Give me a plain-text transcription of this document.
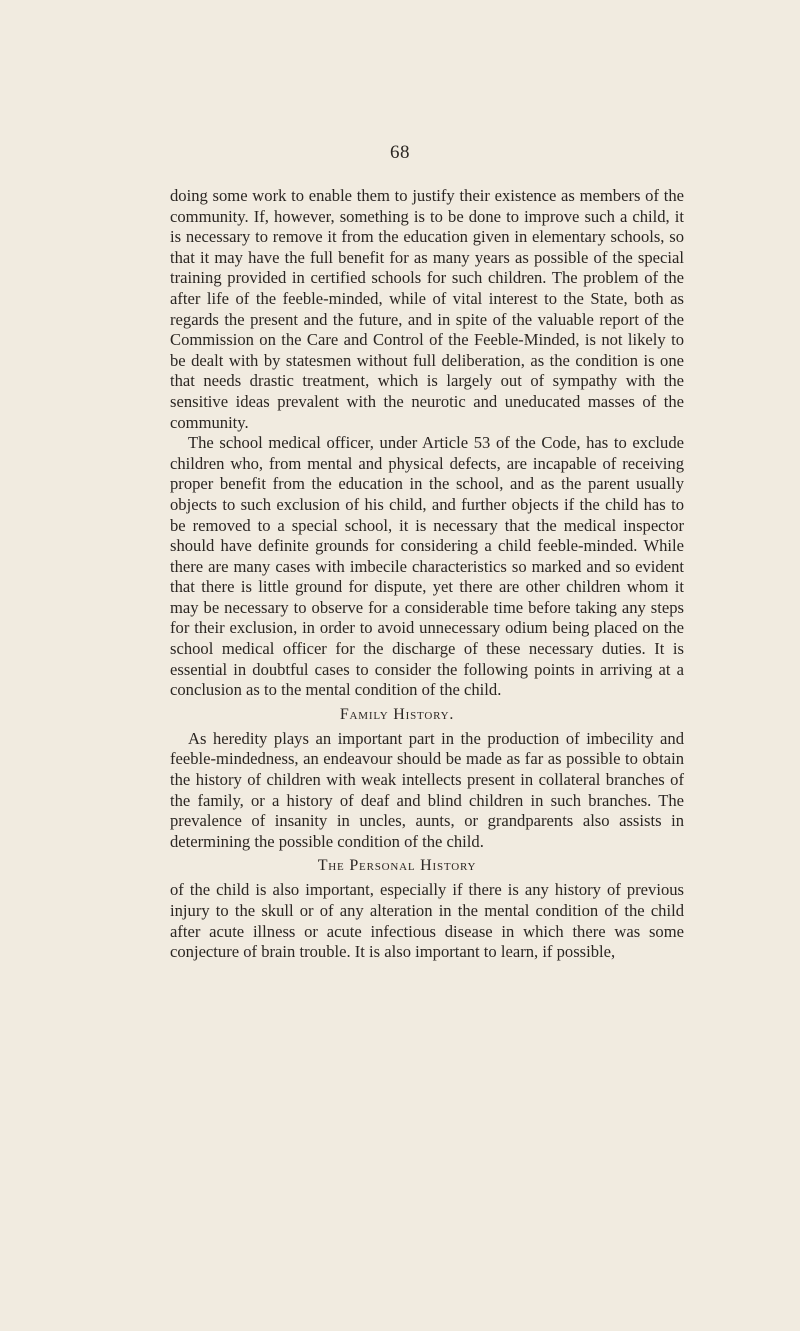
68

doing some work to enable them to justify their existence as members of the community. If, however, something is to be done to improve such a child, it is necessary to remove it from the education given in elementary schools, so that it may have the full benefit for as many years as possible of the special training provided in certified schools for such children. The problem of the after life of the feeble-minded, while of vital interest to the State, both as regards the present and the future, and in spite of the valuable report of the Commission on the Care and Control of the Feeble-Minded, is not likely to be dealt with by statesmen without full deliberation, as the condition is one that needs drastic treatment, which is largely out of sympathy with the sensitive ideas prevalent with the neurotic and uneducated masses of the community.

The school medical officer, under Article 53 of the Code, has to exclude children who, from mental and physical defects, are incapable of receiving proper benefit from the education in the school, and as the parent usually objects to such exclusion of his child, and further objects if the child has to be removed to a special school, it is necessary that the medical inspector should have definite grounds for considering a child feeble-minded. While there are many cases with imbecile characteristics so marked and so evident that there is little ground for dispute, yet there are other children whom it may be necessary to observe for a considerable time before taking any steps for their exclusion, in order to avoid unnecessary odium being placed on the school medical officer for the discharge of these necessary duties. It is essential in doubtful cases to consider the following points in arriving at a conclusion as to the mental condition of the child.

Family History.

As heredity plays an important part in the production of imbecility and feeble-mindedness, an endeavour should be made as far as possible to obtain the history of children with weak intellects present in collateral branches of the family, or a history of deaf and blind children in such branches. The prevalence of insanity in uncles, aunts, or grandparents also assists in determining the possible condition of the child.

The Personal History

of the child is also important, especially if there is any history of previous injury to the skull or of any alteration in the mental condition of the child after acute illness or acute infectious disease in which there was some conjecture of brain trouble. It is also important to learn, if possible,
